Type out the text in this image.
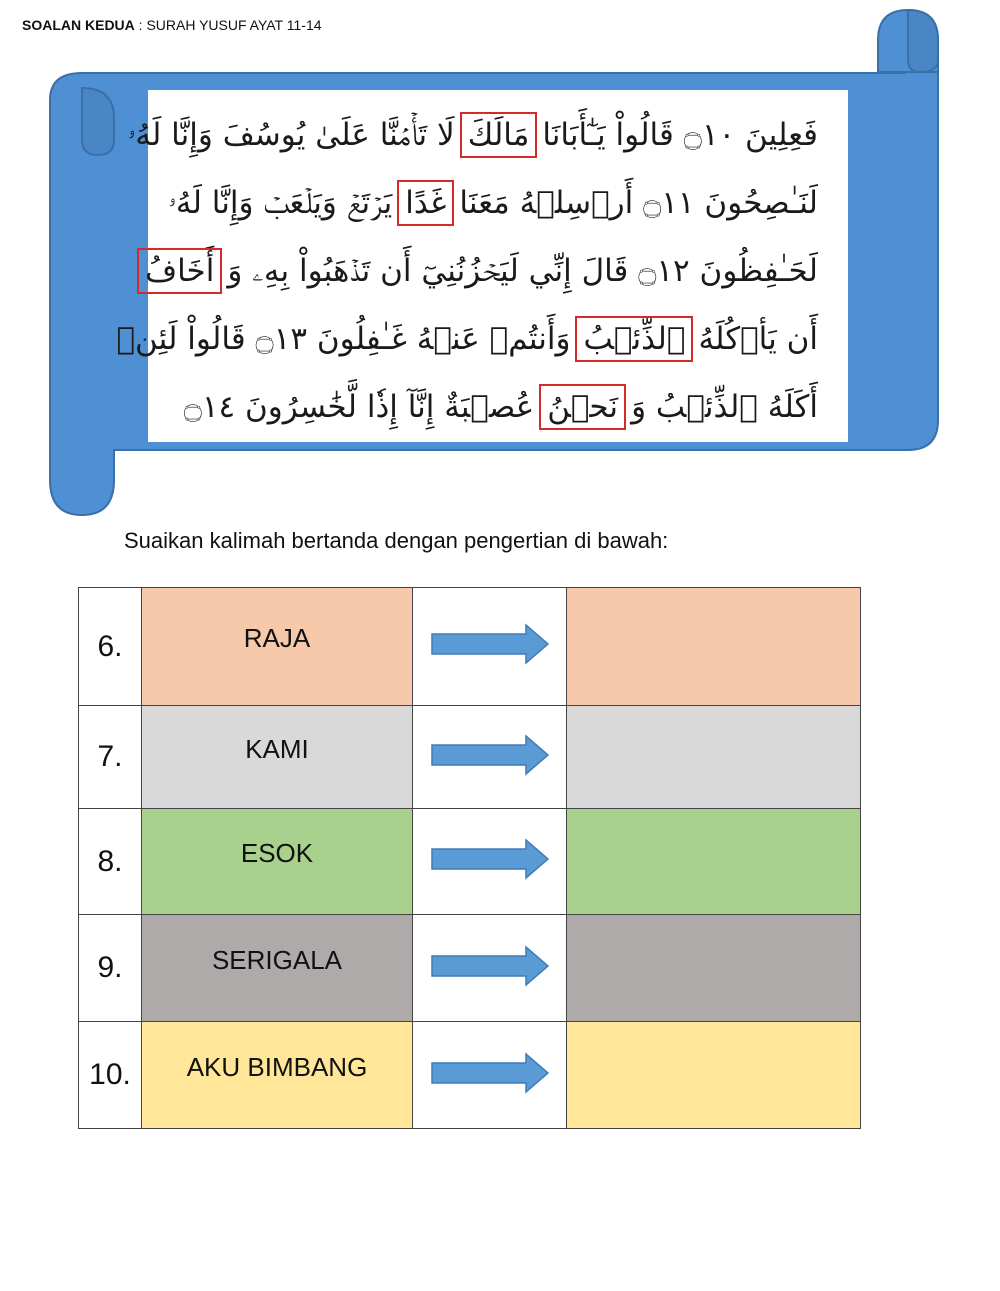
SOALAN KEDUA : SURAH YUSUF AYAT 11-14
فَعِلِينَ ۝١٠ قَالُواْ يَـٰٓأَبَانَا
مَالَكَ
لَا تَأۡمَ۬نَّا عَلَىٰ يُوسُفَ وَإِنَّا لَهُۥ
لَنَـٰصِحُونَ ۝١١ أَرۡسِلۡهُ مَعَنَا
غَدًا
يَرۡتَعۡ وَيَلۡعَبۡ وَإِنَّا لَهُۥ
لَحَـٰفِظُونَ ۝١٢ قَالَ إِنِّي لَيَحۡزُنُنِيٓ أَن تَذۡهَبُواْ بِهِۦ وَ
أَخَافُ
أَن يَأۡكُلَهُ
ٱلذِّئۡبُ
وَأَنتُمۡ عَنۡهُ غَـٰفِلُونَ ۝١٣ قَالُواْ لَئِنۡ
أَكَلَهُ ٱلذِّئۡبُ وَ
نَحۡنُ
عُصۡبَةٌ إِنَّآ إِذٗا لَّخَٰسِرُونَ ۝١٤
Suaikan kalimah bertanda dengan pengertian di bawah:
6.	RAJA		
7.	KAMI		
8.	ESOK		
9.	SERIGALA		
10.	AKU BIMBANG		
